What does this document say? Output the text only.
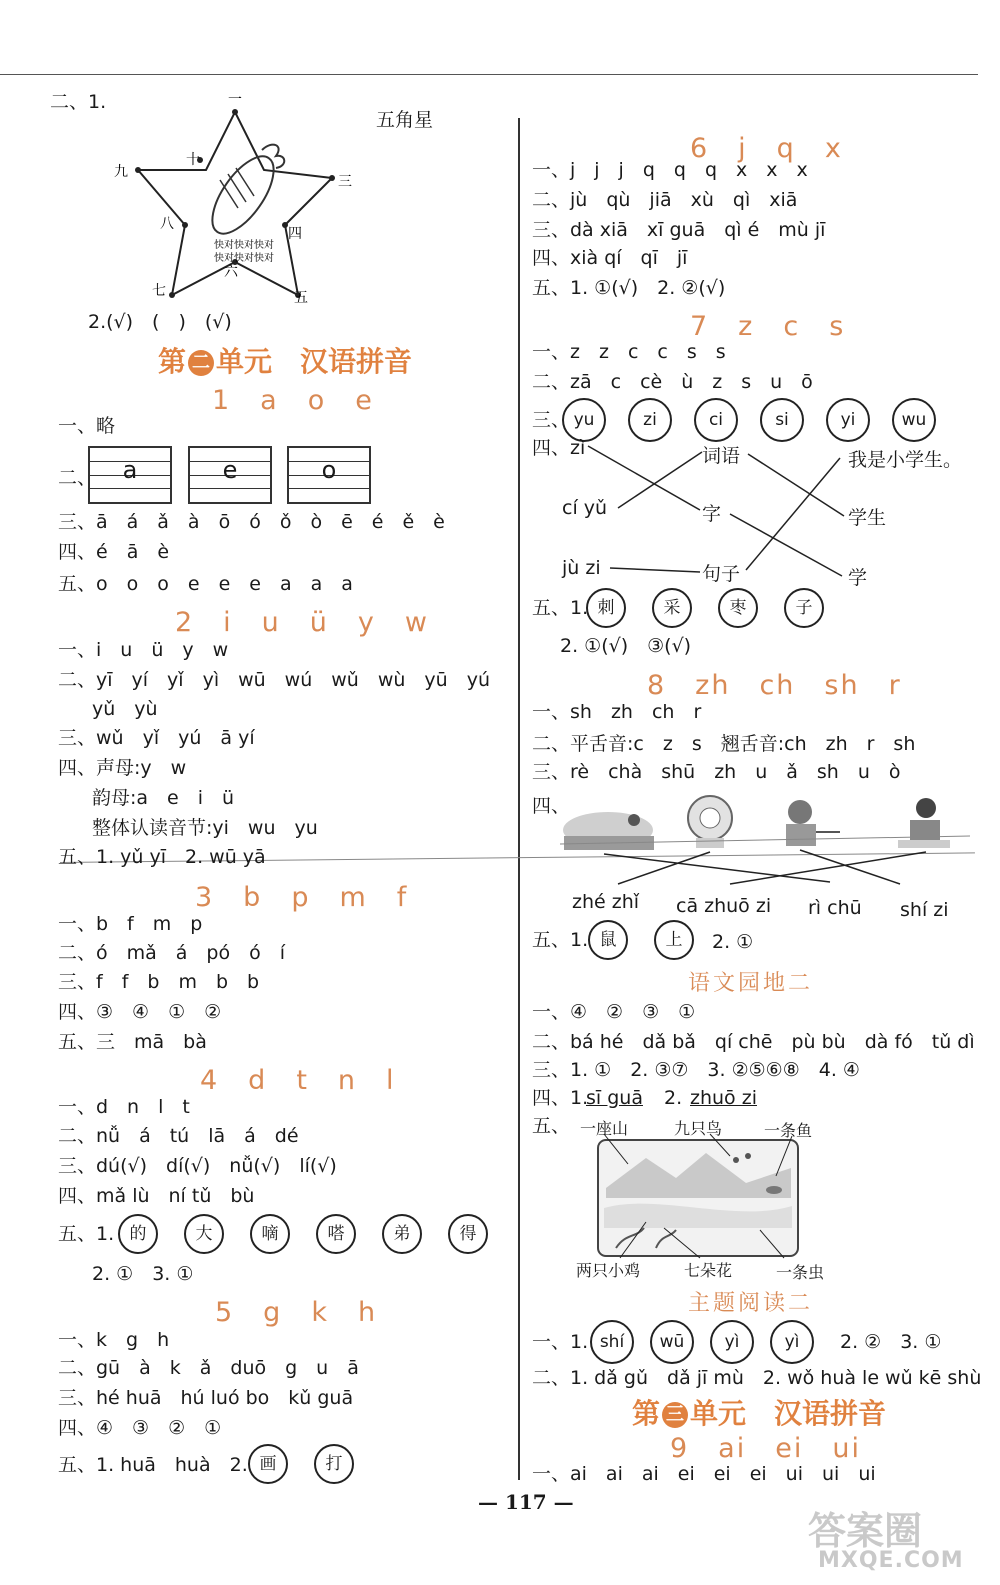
二、1.
五角星
一
十
九
三
八
四
七
六
五
快对快对快对
快对快对快对
2.(√)　(　)　(√)
第 二 单元　汉语拼音
1　a　o　e
一、略
二、	a	e	o
三、ā　á　ǎ　à　ō　ó　ǒ　ò　ē　é　ě　è
四、é　ā　è
五、o　o　o　e　e　e　a　a　a
2　i　u　ü　y　w
一、i　u　ü　y　w
二、yī　yí　yǐ　yì　wū　wú　wǔ　wù　yū　yú
yǔ　yù
三、wǔ　yǐ　yú　ā yí
四、声母:y　w
韵母:a　e　i　ü
整体认读音节:yi　wu　yu
五、1. yǔ yī　2. wū yā
3　b　p　m　f
一、b　f　m　p
二、ó　mǎ　á　pó　ó　í
三、f　f　b　m　b　b
四、③　④　①　②
五、三　mā　bà
4　d　t　n　l
一、d　n　l　t
二、nǚ　á　tú　lā　á　dé
三、dú(√)　dí(√)　nǚ(√)　lí(√)
四、mǎ lù　ní tǔ　bù
五、1. 的	大	嘀	嗒	弟	得
2. ①　3. ①
5　g　k　h
一、k　g　h
二、gū　à　k　ǎ　duō　g　u　ā
三、hé huā　hú luó bo　kǔ guā
四、④　③　②　①
五、1. huā　huà　2. 画	打
6　j　q　x
一、j　j　j　q　q　q　x　x　x
二、jù　qù　jiā　xù　qì　xiā
三、dà xiā　xī guā　qì é　mù jī
四、xià qí　qī　jī
五、1. ①(√)　2. ②(√)
7　z　c　s
一、z　z　c　c　s　s
二、zā　c　cè　ù　z　s　u　ō
三、 yu	zi	ci	si	yi	wu
四、zì
cí yǔ
jù zi
词语
字
句子
我是小学生。
学生
学
五、1. 刺	采	枣	子
2. ①(√)　③(√)
8　zh　ch　sh　r
一、sh　zh　ch　r
二、平舌音:c　z　s　翘舌音:ch　zh　r　sh
三、rè　chà　shū　zh　u　ǎ　sh　u　ò
四、
zhé zhǐ cā zhuō zi rì chū shí zi
五、1. 鼠	上	2. ①
语文园地二
一、④　②　③　①
二、bá hé　dǎ bǎ　qí chē　pù bù　dà fó　tǔ dì
三、1. ①　2. ③⑦　3. ②⑤⑥⑧　4. ④
四、1.
sī guā 2. zhuō zi
五、 一座山	九只鸟	一条鱼
两只小鸡	七朵花	一条虫
主题阅读二
一、1. shí wū yì	yì	2. ②　3. ①
二、1. dǎ gǔ　dǎ jī mù　2. wǒ huà le wǔ kē shù
第 三 单元　汉语拼音
9　ai　ei　ui
一、ai　ai　ai　ei　ei　ei　ui　ui　ui
— 117 —
答案圈
MXQE.COM
